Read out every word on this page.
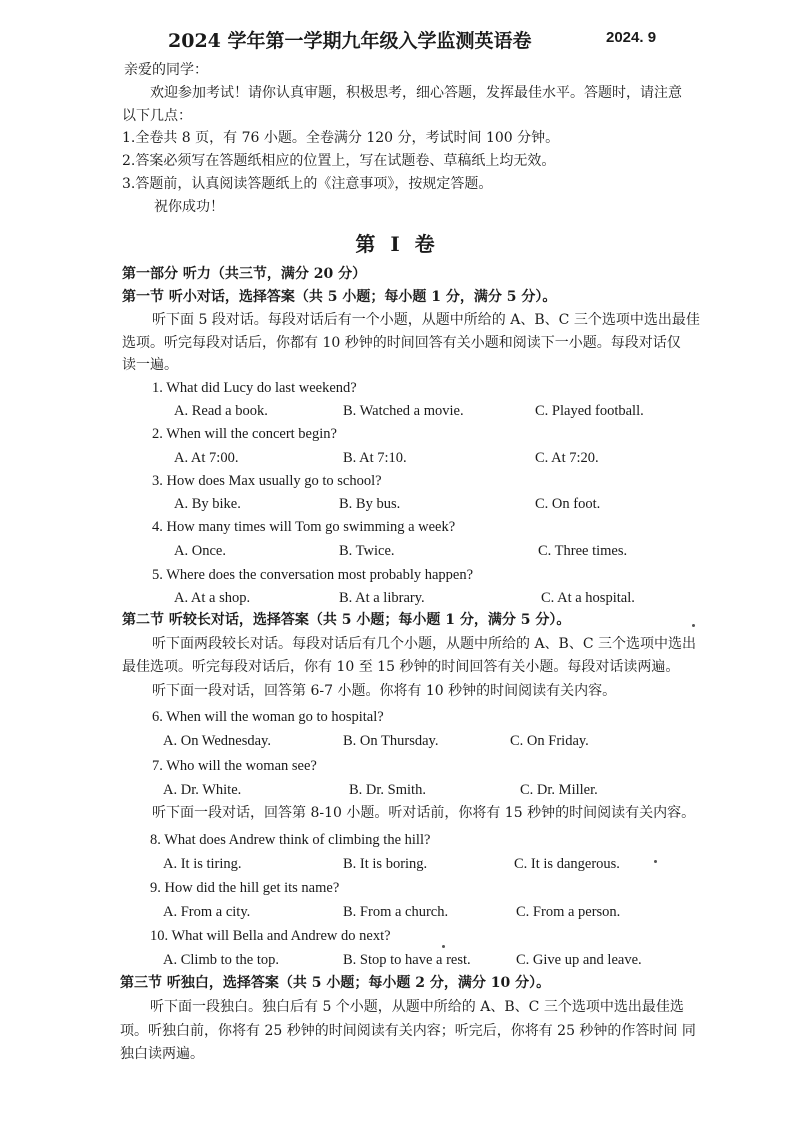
2024 学年第一学期九年级入学监测英语卷	2024. 9
亲爱的同学：
欢迎参加考试！请你认真审题，积极思考，细心答题，发挥最佳水平。答题时，请注意
以下几点：
1.全卷共 8 页，有 76 小题。全卷满分 120 分，考试时间 100 分钟。
2.答案必须写在答题纸相应的位置上，写在试题卷、草稿纸上均无效。
3.答题前，认真阅读答题纸上的《注意事项》，按规定答题。
祝你成功！
第 I 卷
第一部分 听力（共三节，满分 20 分）
第一节 听小对话，选择答案（共 5 小题；每小题 1 分，满分 5 分）。
听下面 5 段对话。每段对话后有一个小题，从题中所给的 A、B、C 三个选项中选出最佳
选项。听完每段对话后，你都有 10 秒钟的时间回答有关小题和阅读下一小题。每段对话仅
读一遍。
1. What did Lucy do last weekend?
A. Read a book.	B. Watched a movie.	C. Played football.
2. When will the concert begin?
A. At 7:00.	B. At 7:10.	C. At 7:20.
3. How does Max usually go to school?
A. By bike.	B. By bus.	C. On foot.
4. How many times will Tom go swimming a week?
A. Once.	B. Twice.	C. Three times.
5. Where does the conversation most probably happen?
A. At a shop.	B. At a library.	C. At a hospital.
第二节 听较长对话，选择答案（共 5 小题；每小题 1 分，满分 5 分）。
听下面两段较长对话。每段对话后有几个小题，从题中所给的 A、B、C 三个选项中选出
最佳选项。听完每段对话后，你有 10 至 15 秒钟的时间回答有关小题。每段对话读两遍。
听下面一段对话，回答第 6-7 小题。你将有 10 秒钟的时间阅读有关内容。
6. When will the woman go to hospital?
A. On Wednesday.	B. On Thursday.	C. On Friday.
7. Who will the woman see?
A. Dr. White.	B. Dr. Smith.	C. Dr. Miller.
听下面一段对话，回答第 8-10 小题。听对话前，你将有 15 秒钟的时间阅读有关内容。
8. What does Andrew think of climbing the hill?
A. It is tiring.	B. It is boring.	C. It is dangerous.
9. How did the hill get its name?
A. From a city.	B. From a church.	C. From a person.
10. What will Bella and Andrew do next?
A. Climb to the top.	B. Stop to have a rest.	C. Give up and leave.
第三节 听独白，选择答案（共 5 小题；每小题 2 分，满分 10 分）。
听下面一段独白。独白后有 5 个小题，从题中所给的 A、B、C 三个选项中选出最佳选
项。听独白前，你将有 25 秒钟的时间阅读有关内容；听完后，你将有 25 秒钟的作答时间 同
独白读两遍。
